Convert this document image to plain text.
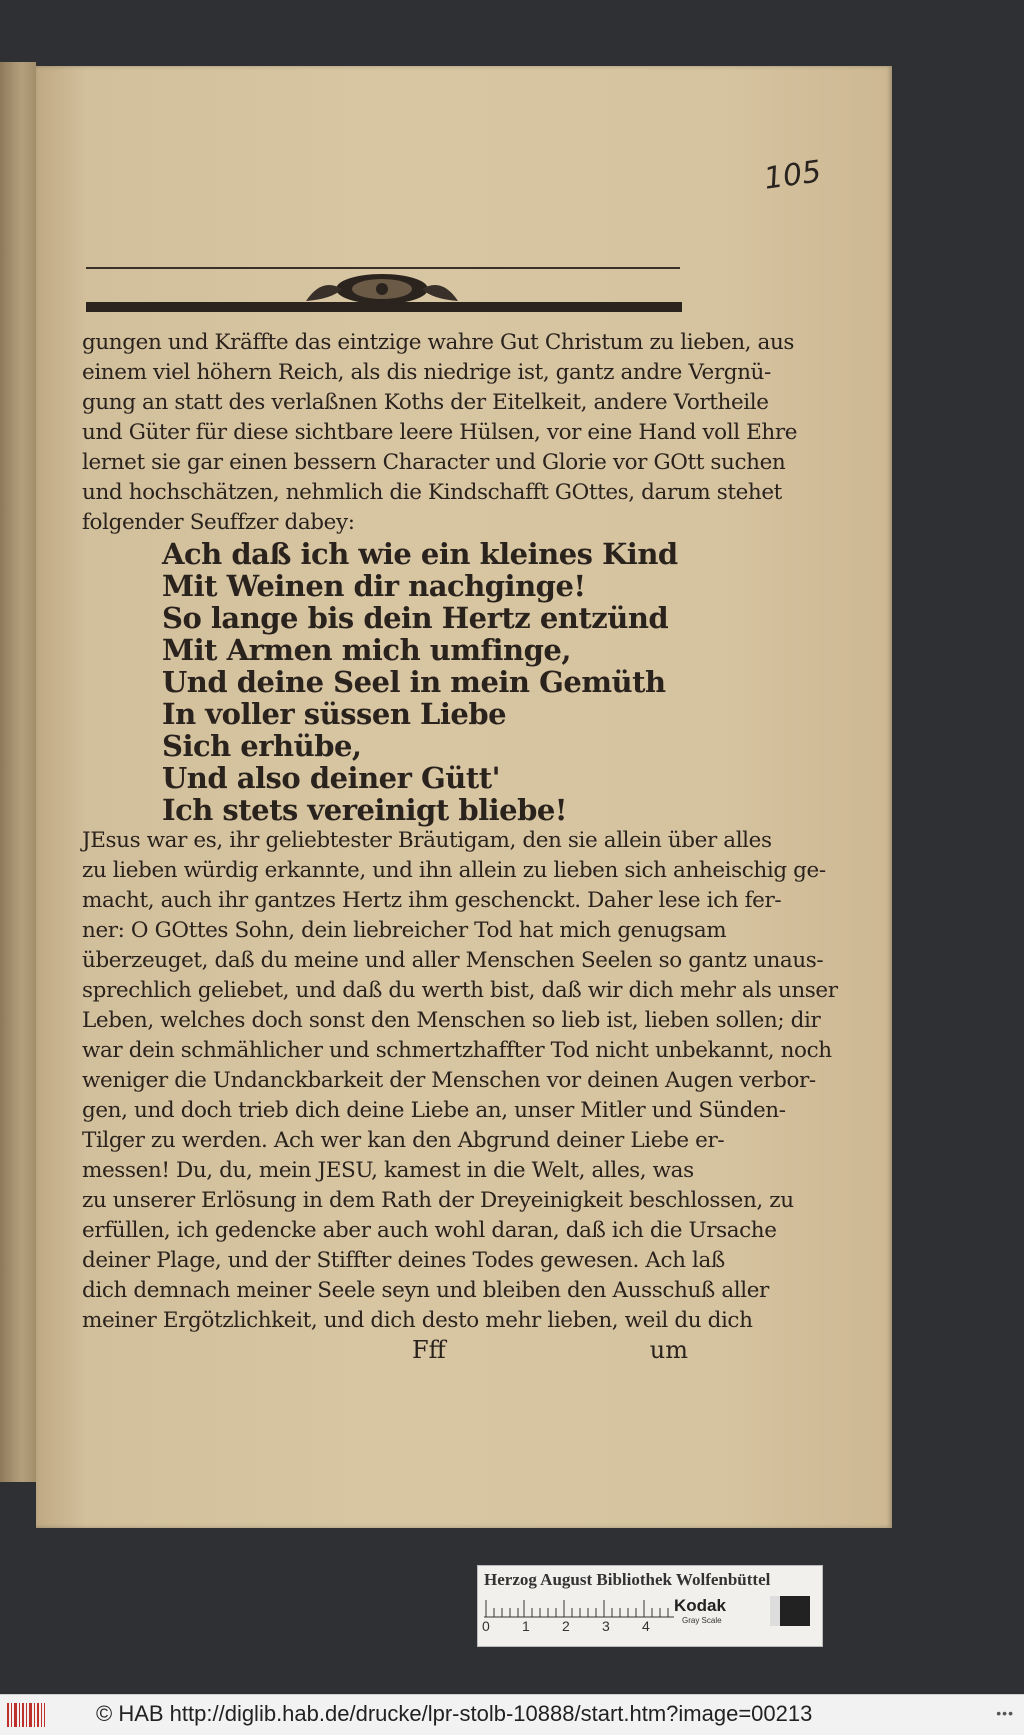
105
gungen und Kräffte das eintzige wahre Gut Christum zu lieben, aus
einem viel höhern Reich, als dis niedrige ist, gantz andre Vergnü-
gung an statt des verlaßnen Koths der Eitelkeit, andere Vortheile
und Güter für diese sichtbare leere Hülsen, vor eine Hand voll Ehre
lernet sie gar einen bessern Character und Glorie vor GOtt suchen
und hochschätzen, nehmlich die Kindschafft GOttes, darum stehet
folgender Seuffzer dabey:
Ach daß ich wie ein kleines Kind
Mit Weinen dir nachginge!
So lange bis dein Hertz entzünd
Mit Armen mich umfinge,
Und deine Seel in mein Gemüth
In voller süssen Liebe
Sich erhübe,
Und also deiner Gütt'
Ich stets vereinigt bliebe!
JEsus war es, ihr geliebtester Bräutigam, den sie allein über alles
zu lieben würdig erkannte, und ihn allein zu lieben sich anheischig ge-
macht, auch ihr gantzes Hertz ihm geschenckt. Daher lese ich fer-
ner: O GOttes Sohn, dein liebreicher Tod hat mich genugsam
überzeuget, daß du meine und aller Menschen Seelen so gantz unaus-
sprechlich geliebet, und daß du werth bist, daß wir dich mehr als unser
Leben, welches doch sonst den Menschen so lieb ist, lieben sollen; dir
war dein schmählicher und schmertzhaffter Tod nicht unbekannt, noch
weniger die Undanckbarkeit der Menschen vor deinen Augen verbor-
gen, und doch trieb dich deine Liebe an, unser Mitler und Sünden-
Tilger zu werden. Ach wer kan den Abgrund deiner Liebe er-
messen! Du, du, mein JESU, kamest in die Welt, alles, was
zu unserer Erlösung in dem Rath der Dreyeinigkeit beschlossen, zu
erfüllen, ich gedencke aber auch wohl daran, daß ich die Ursache
deiner Plage, und der Stiffter deines Todes gewesen. Ach laß
dich demnach meiner Seele seyn und bleiben den Ausschuß aller
meiner Ergötzlichkeit, und dich desto mehr lieben, weil du dich
Fff	um
Herzog August Bibliothek Wolfenbüttel
0 1 2 3 4
Kodak
Gray Scale
© HAB http://diglib.hab.de/drucke/lpr-stolb-10888/start.htm?image=00213	•••
